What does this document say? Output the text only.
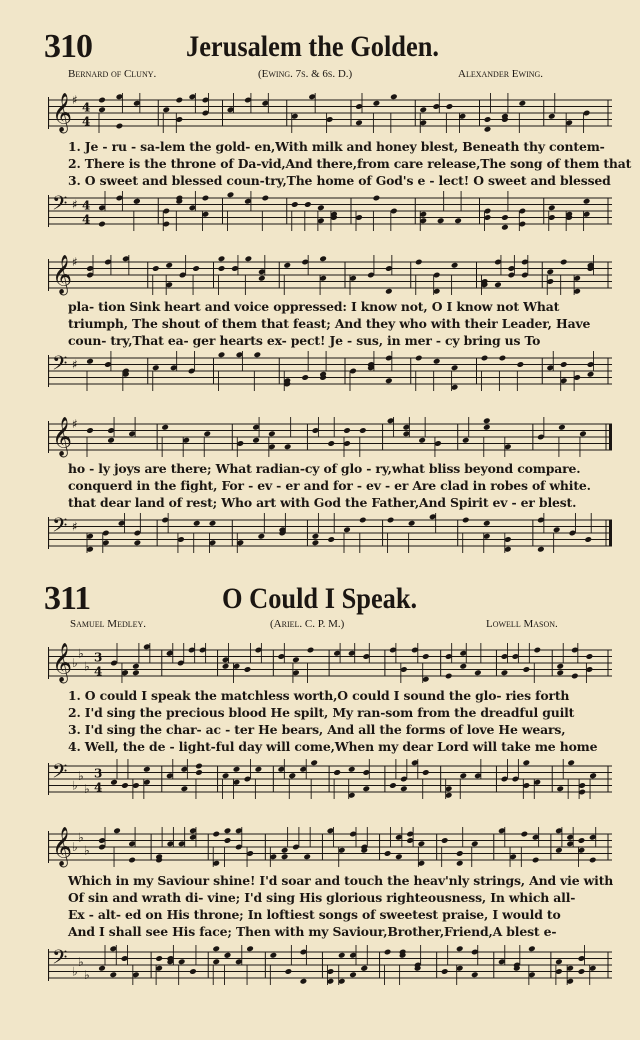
310	Jerusalem the Golden.
Bernard of Cluny.	(Ewing. 7s. & 6s. D.)	Alexander Ewing.
𝄞 ♯
4
4
1. Je - ru - sa-lem the gold- en,With milk and honey blest, Beneath thy contem-
2. There is the throne of Da-vid,And there,from care release,The song of them that
3. O sweet and blessed coun-try,The home of God's e - lect! O sweet and blessed
𝄢 ♯ 4
4
𝄞 ♯
pla- tion Sink heart and voice oppressed: I know not, O I know not What
triumph, The shout of them that feast; And they who with their Leader, Have
coun- try,That ea- ger hearts ex- pect! Je - sus, in mer - cy bring us To
𝄢 ♯
𝄞 ♯
ho - ly joys are there; What radian-cy of glo - ry,what bliss beyond compare.
conquerd in the fight, For - ev - er and for - ev - er Are clad in robes of white.
that dear land of rest; Who art with God the Father,And Spirit ev - er blest.
𝄢 ♯
311	O Could I Speak.
Samuel Medley.	(Ariel. C. P. M.)	Lowell Mason.
𝄞 ♭
♭
♭
3
4
1. O could I speak the matchless worth,O could I sound the glo- ries forth
2. I'd sing the precious blood He spilt, My ran-som from the dreadful guilt
3. I'd sing the char- ac - ter He bears, And all the forms of love He wears,
4. Well, the de - light-ful day will come,When my dear Lord will take me home
𝄢 ♭
♭
♭
3
4
𝄞 ♭
♭
♭
Which in my Saviour shine! I'd soar and touch the heav'nly strings, And vie with
Of sin and wrath di- vine; I'd sing His glorious righteousness, In which all-
Ex - alt- ed on His throne; In loftiest songs of sweetest praise, I would to
And I shall see His face; Then with my Saviour,Brother,Friend,A blest e-
𝄢 ♭
♭
♭
